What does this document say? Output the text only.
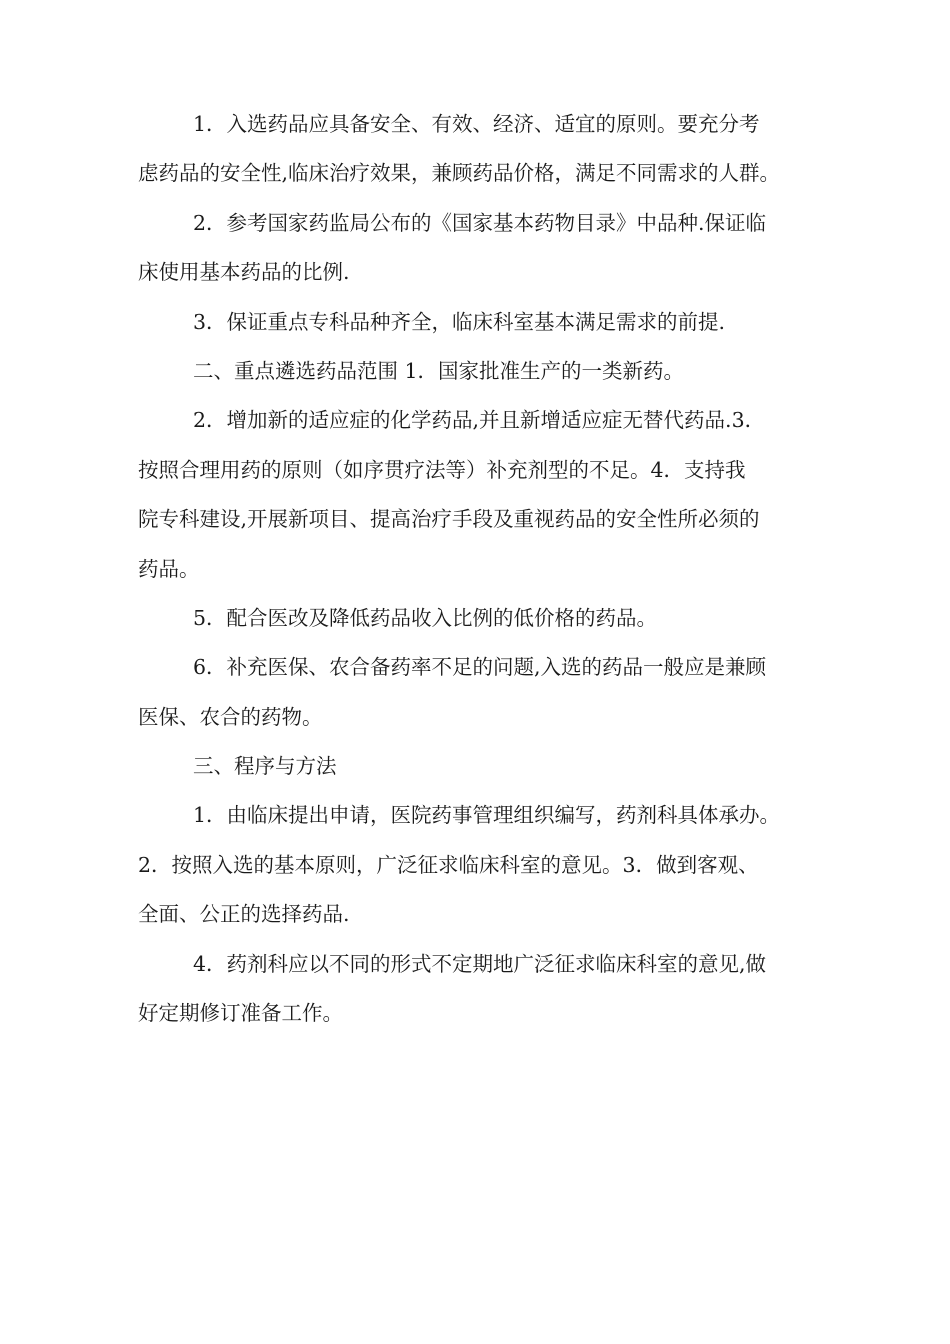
1．入选药品应具备安全、有效、经济、适宜的原则。要充分考
虑药品的安全性,临床治疗效果，兼顾药品价格，满足不同需求的人群。
2．参考国家药监局公布的《国家基本药物目录》中品种.保证临
床使用基本药品的比例.
3．保证重点专科品种齐全，临床科室基本满足需求的前提.
二、重点遴选药品范围 1．国家批准生产的一类新药。
2．增加新的适应症的化学药品,并且新增适应症无替代药品.3．
按照合理用药的原则（如序贯疗法等）补充剂型的不足。4．支持我
院专科建设,开展新项目、提高治疗手段及重视药品的安全性所必须的
药品。
5．配合医改及降低药品收入比例的低价格的药品。
6．补充医保、农合备药率不足的问题,入选的药品一般应是兼顾
医保、农合的药物。
三、程序与方法
1．由临床提出申请，医院药事管理组织编写，药剂科具体承办。
2．按照入选的基本原则，广泛征求临床科室的意见。3．做到客观、
全面、公正的选择药品.
4．药剂科应以不同的形式不定期地广泛征求临床科室的意见,做
好定期修订准备工作。
